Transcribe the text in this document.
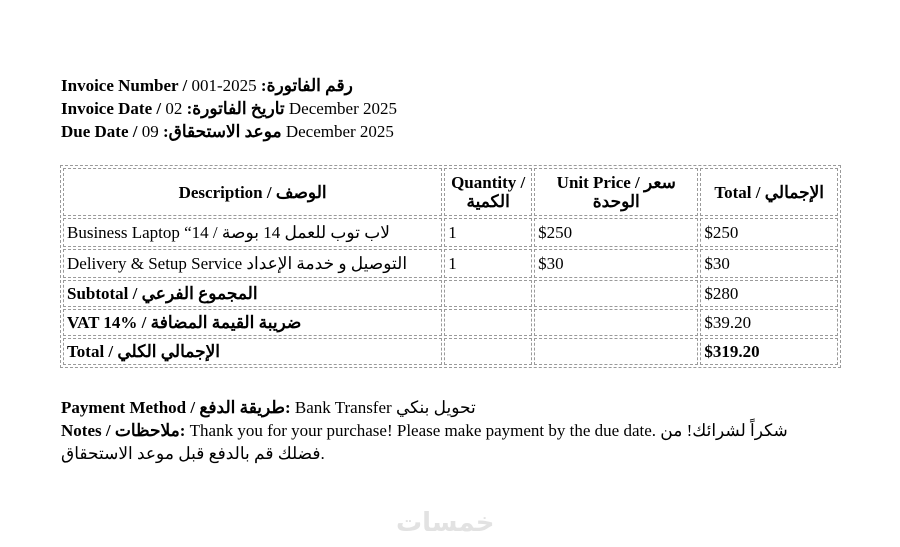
Invoice Number / رقم الفاتورة: 2025-001
Invoice Date / تاريخ الفاتورة: 02 December 2025
Due Date / موعد الاستحقاق: 09 December 2025
Description / الوصف	Quantity / الكمية	Unit Price / سعر الوحدة	Total / الإجمالي
Business Laptop “14 / لاب توب للعمل 14 بوصة	1	$250	$250
Delivery & Setup Service التوصيل و خدمة الإعداد	1	$30	$30
Subtotal / المجموع الفرعي			$280
VAT 14% / ضريبة القيمة المضافة			$39.20
Total / الإجمالي الكلي			$319.20
Payment Method / طريقة الدفع: Bank Transfer تحويل بنكي
Notes / ملاحظات: Thank you for your purchase! Please make payment by the due date. شكراً لشرائك! من فضلك قم بالدفع قبل موعد الاستحقاق.
خمسات
